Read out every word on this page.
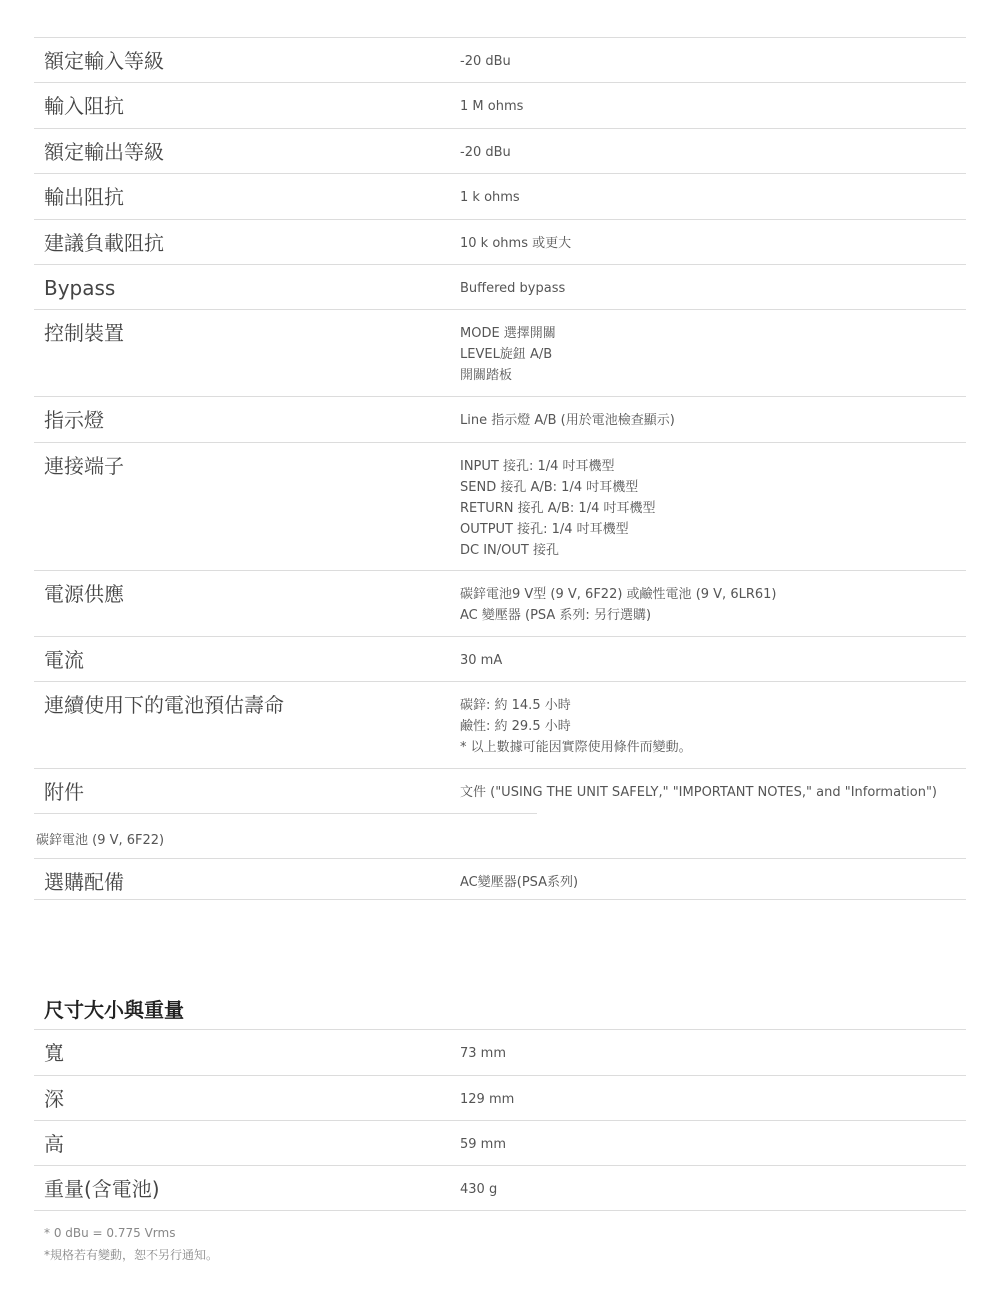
額定輸入等級	-20 dBu
輸入阻抗	1 M ohms
額定輸出等級	-20 dBu
輸出阻抗	1 k ohms
建議負載阻抗	10 k ohms 或更大
Bypass	Buffered bypass
控制裝置	MODE 選擇開關
LEVEL旋鈕 A/B
開關踏板
指示燈	Line 指示燈 A/B (用於電池檢查顯示)
連接端子	INPUT 接孔: 1/4 吋耳機型
SEND 接孔 A/B: 1/4 吋耳機型
RETURN 接孔 A/B: 1/4 吋耳機型
OUTPUT 接孔: 1/4 吋耳機型
DC IN/OUT 接孔
電源供應	碳鋅電池9 V型 (9 V, 6F22) 或鹼性電池 (9 V, 6LR61)
AC 變壓器 (PSA 系列: 另行選購)
電流	30 mA
連續使用下的電池預估壽命	碳鋅: 約 14.5 小時
鹼性: 約 29.5 小時
* 以上數據可能因實際使用條件而變動。
附件	文件 ("USING THE UNIT SAFELY," "IMPORTANT NOTES," and "Information")
碳鋅電池 (9 V, 6F22)
選購配備	AC變壓器(PSA系列)
尺寸大小與重量
寬	73 mm
深	129 mm
高	59 mm
重量(含電池)	430 g
* 0 dBu = 0.775 Vrms
*規格若有變動，恕不另行通知。
